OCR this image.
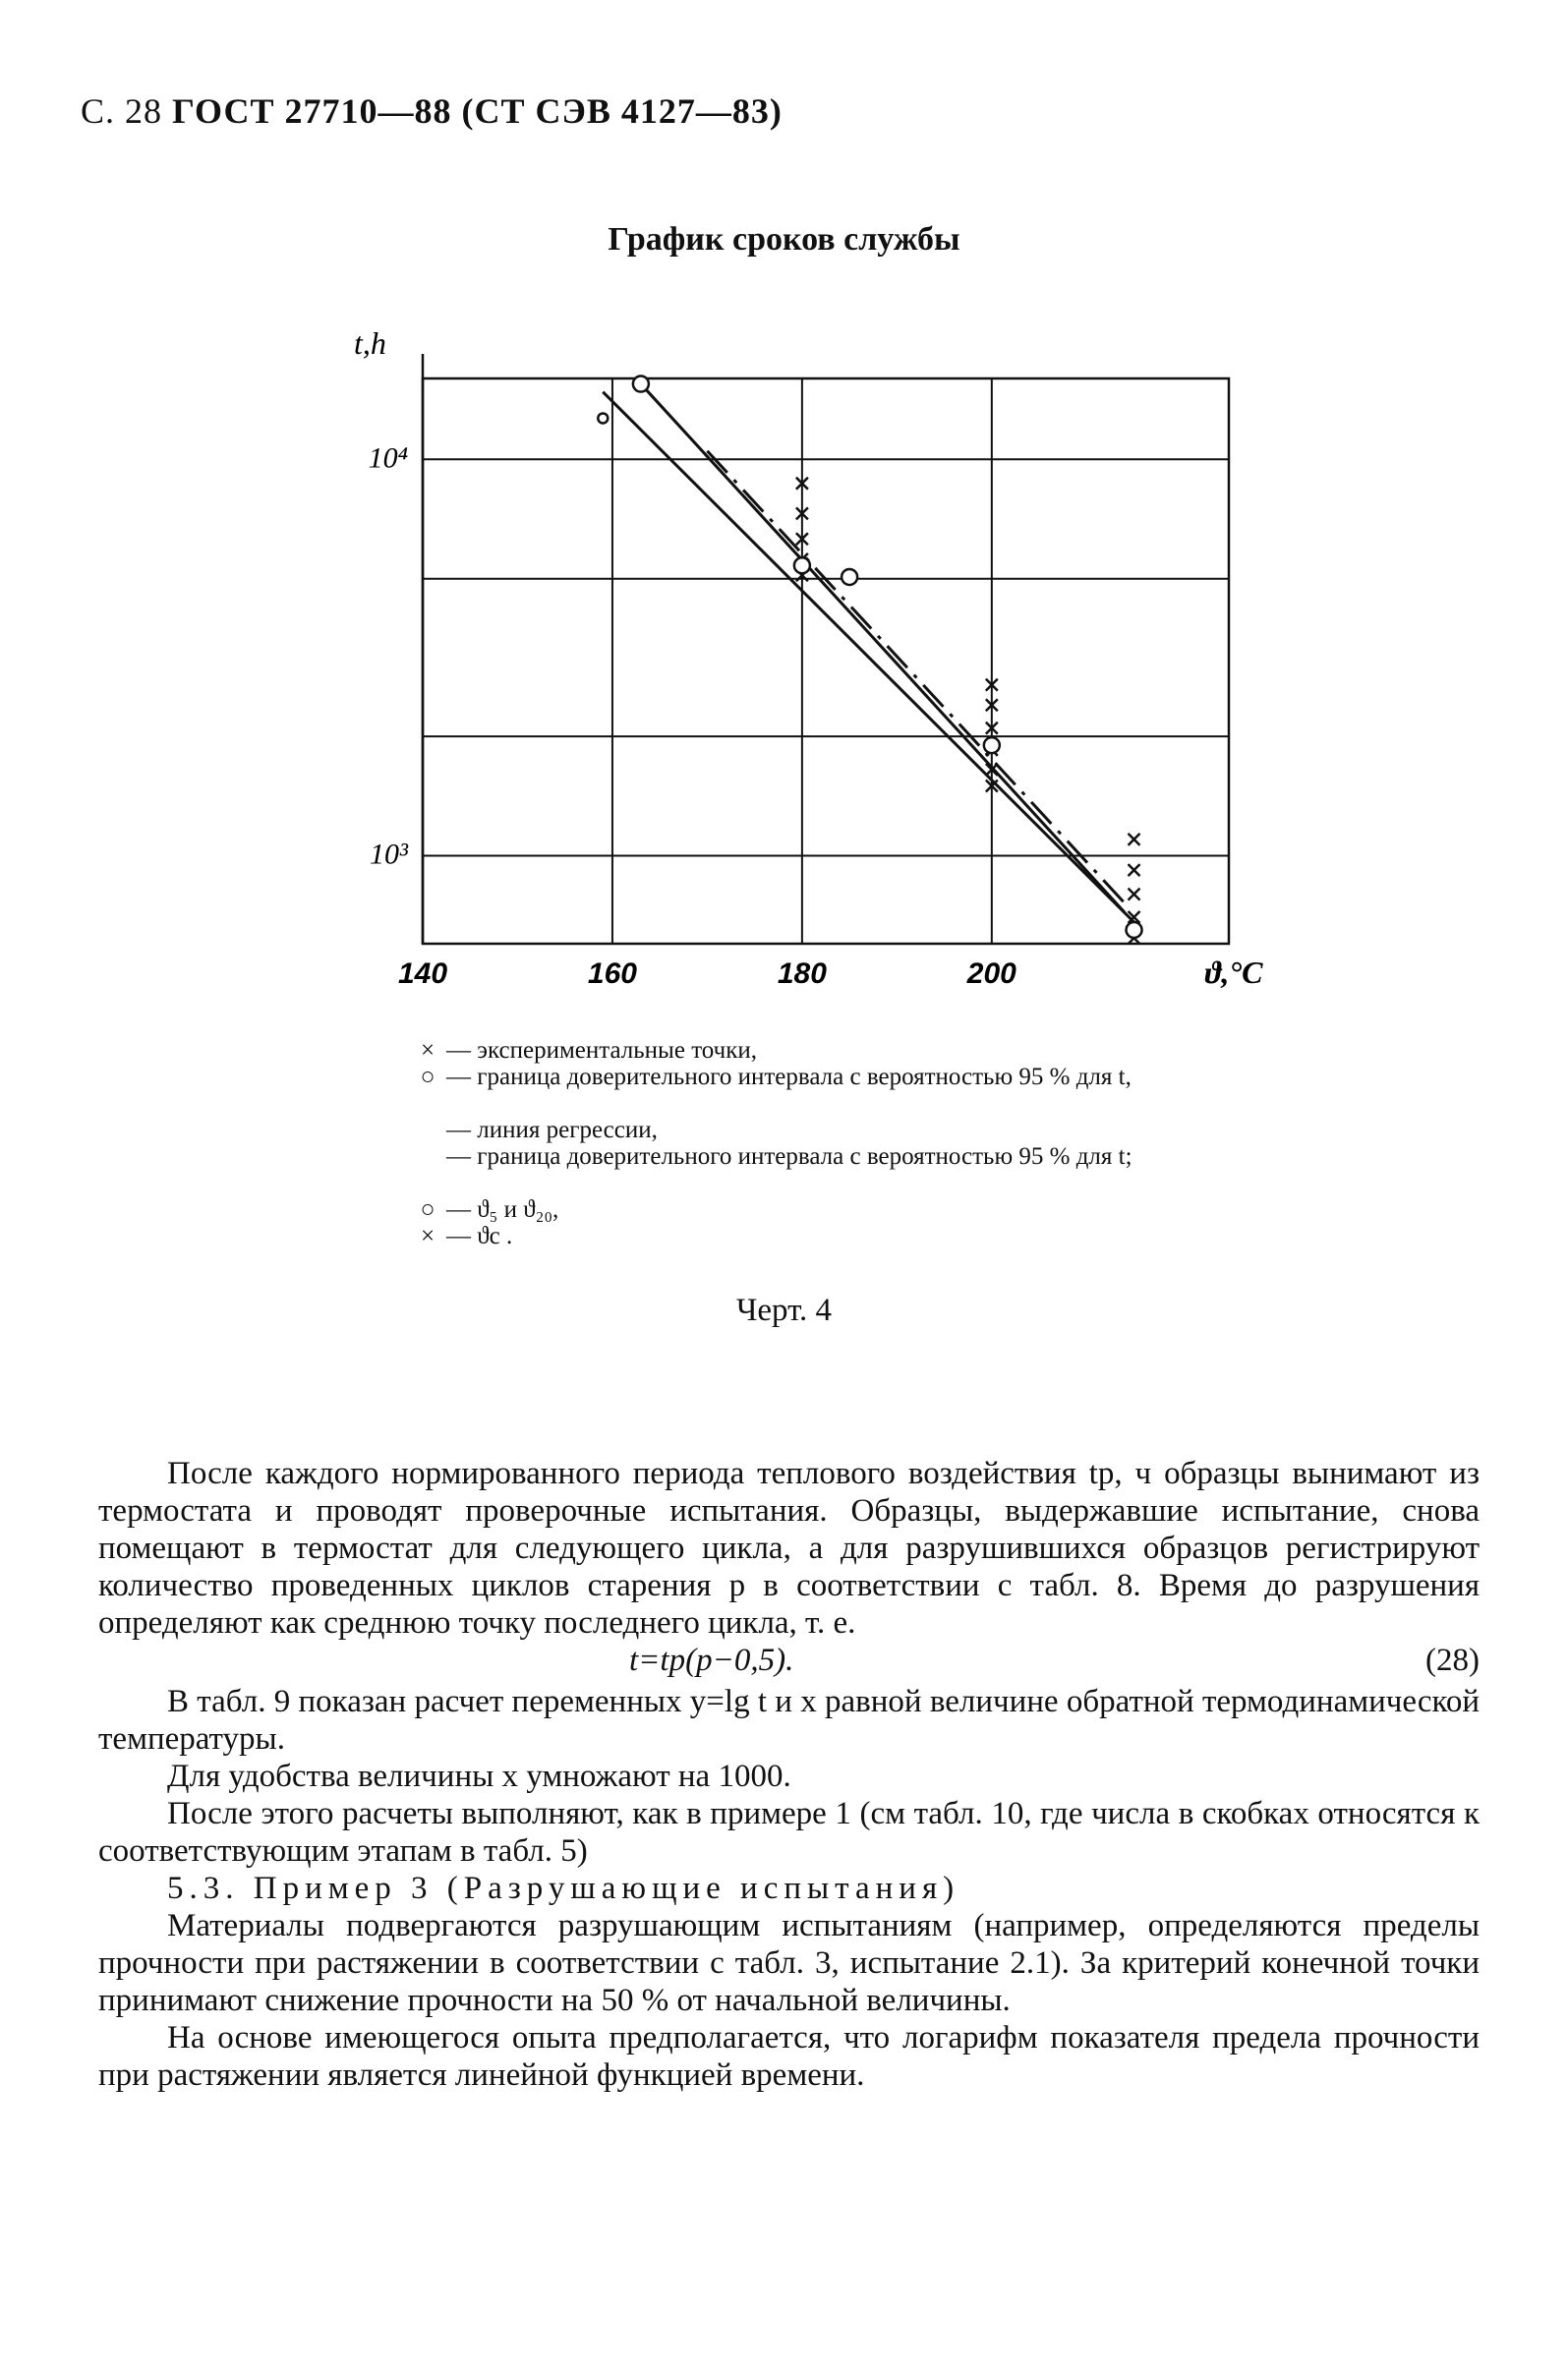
С. 28 ГОСТ 27710—88 (СТ СЭВ 4127—83)
График сроков службы
140	160	180	200
10⁴
10³
t,h
ϑ,°C
× — экспериментальные точки,
○ — граница доверительного интервала с вероятностью 95 % для t,
— линия регрессии,
— граница доверительного интервала с вероятностью 95 % для t;
○ — ϑ₅ и ϑ₂₀,
× — ϑc .
Черт. 4

После каждого нормированного периода теплового воздействия tp, ч образцы вынимают из термостата и проводят проверочные испытания. Образцы, выдержавшие испытание, снова помещают в термостат для следующего цикла, а для разрушившихся образцов регистрируют количество проведенных циклов старения p в соответствии с табл. 8. Время до разрушения определяют как среднюю точку последнего цикла, т. е.

t=tp(p−0,5).	(28)

В табл. 9 показан расчет переменных y=lg t и x равной величине обратной термодинамической температуры.

Для удобства величины x умножают на 1000.

После этого расчеты выполняют, как в примере 1 (см табл. 10, где числа в скобках относятся к соответствующим этапам в табл. 5)

5.3. Пример 3 (Разрушающие испытания)

Материалы подвергаются разрушающим испытаниям (например, определяются пределы прочности при растяжении в соответствии с табл. 3, испытание 2.1). За критерий конечной точки принимают снижение прочности на 50 % от начальной величины.

На основе имеющегося опыта предполагается, что логарифм показателя предела прочности при растяжении является линейной функцией времени.
